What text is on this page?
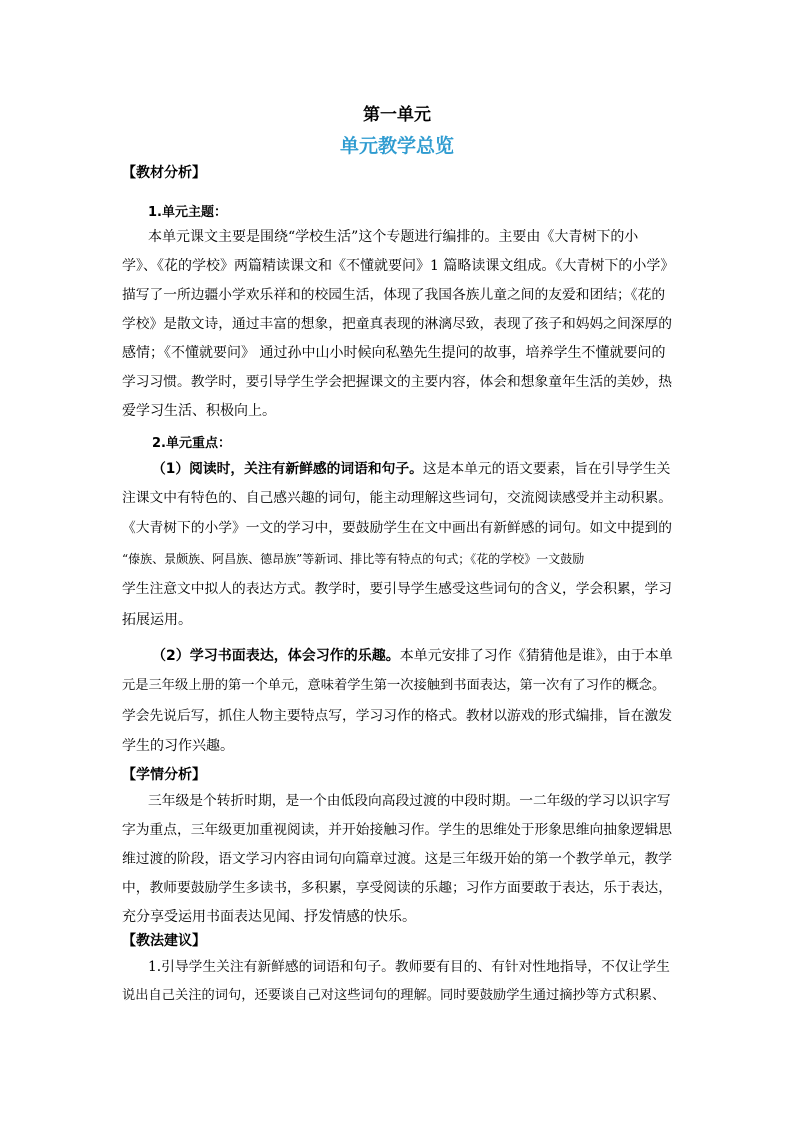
第一单元
单元教学总览
【教材分析】
1.单元主题：
本单元课文主要是围绕“学校生活”这个专题进行编排的。主要由《大青树下的小
学》、《花的学校》两篇精读课文和《不懂就要问》1 篇略读课文组成。《大青树下的小学》
描写了一所边疆小学欢乐祥和的校园生活，体现了我国各族儿童之间的友爱和团结；《花的
学校》是散文诗，通过丰富的想象，把童真表现的淋漓尽致，表现了孩子和妈妈之间深厚的
感情；《不懂就要问》 通过孙中山小时候向私塾先生提问的故事，培养学生不懂就要问的
学习习惯。教学时，要引导学生学会把握课文的主要内容，体会和想象童年生活的美妙，热
爱学习生活、积极向上。
2.单元重点：
（1）阅读时，关注有新鲜感的词语和句子。这是本单元的语文要素，旨在引导学生关
注课文中有特色的、自己感兴趣的词句，能主动理解这些词句，交流阅读感受并主动积累。
《大青树下的小学》一文的学习中，要鼓励学生在文中画出有新鲜感的词句。如文中提到的
“傣族、景颇族、阿昌族、德昂族”等新词、排比等有特点的句式；《花的学校》一文鼓励
学生注意文中拟人的表达方式。教学时，要引导学生感受这些词句的含义，学会积累，学习
拓展运用。
（2）学习书面表达，体会习作的乐趣。本单元安排了习作《猜猜他是谁》，由于本单
元是三年级上册的第一个单元，意味着学生第一次接触到书面表达，第一次有了习作的概念。
学会先说后写，抓住人物主要特点写，学习习作的格式。教材以游戏的形式编排，旨在激发
学生的习作兴趣。
【学情分析】
三年级是个转折时期，是一个由低段向高段过渡的中段时期。一二年级的学习以识字写
字为重点，三年级更加重视阅读，并开始接触习作。学生的思维处于形象思维向抽象逻辑思
维过渡的阶段，语文学习内容由词句向篇章过渡。这是三年级开始的第一个教学单元，教学
中，教师要鼓励学生多读书，多积累，享受阅读的乐趣；习作方面要敢于表达，乐于表达，
充分享受运用书面表达见闻、抒发情感的快乐。
【教法建议】
1.引导学生关注有新鲜感的词语和句子。教师要有目的、有针对性地指导，不仅让学生
说出自己关注的词句，还要谈自己对这些词句的理解。同时要鼓励学生通过摘抄等方式积累、
